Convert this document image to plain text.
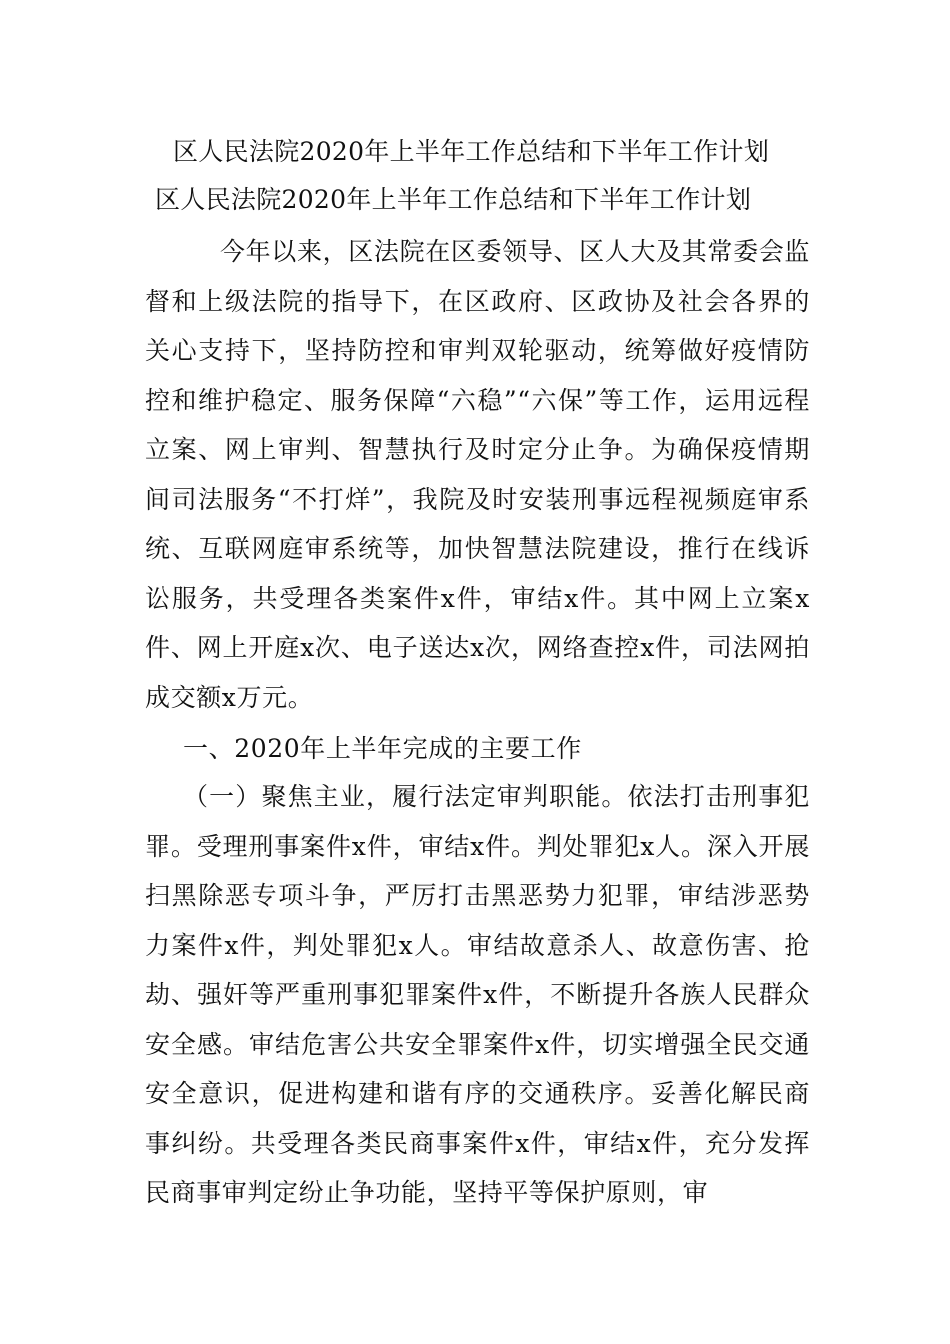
区人民法院2020年上半年工作总结和下半年工作计划
区人民法院2020年上半年工作总结和下半年工作计划

今年以来，区法院在区委领导、区人大及其常委会监督和上级法院的指导下，在区政府、区政协及社会各界的关心支持下，坚持防控和审判双轮驱动，统筹做好疫情防控和维护稳定、服务保障“六稳”“六保”等工作，运用远程立案、网上审判、智慧执行及时定分止争。为确保疫情期间司法服务“不打烊”，我院及时安装刑事远程视频庭审系统、互联网庭审系统等，加快智慧法院建设，推行在线诉讼服务，共受理各类案件x件，审结x件。其中网上立案x件、网上开庭x次、电子送达x次，网络查控x件，司法网拍成交额x万元。

一、2020年上半年完成的主要工作

（一）聚焦主业，履行法定审判职能。依法打击刑事犯罪。受理刑事案件x件，审结x件。判处罪犯x人。深入开展扫黑除恶专项斗争，严厉打击黑恶势力犯罪，审结涉恶势力案件x件，判处罪犯x人。审结故意杀人、故意伤害、抢劫、强奸等严重刑事犯罪案件x件，不断提升各族人民群众安全感。审结危害公共安全罪案件x件，切实增强全民交通安全意识，促进构建和谐有序的交通秩序。妥善化解民商事纠纷。共受理各类民商事案件x件，审结x件，充分发挥民商事审判定纷止争功能，坚持平等保护原则，审
